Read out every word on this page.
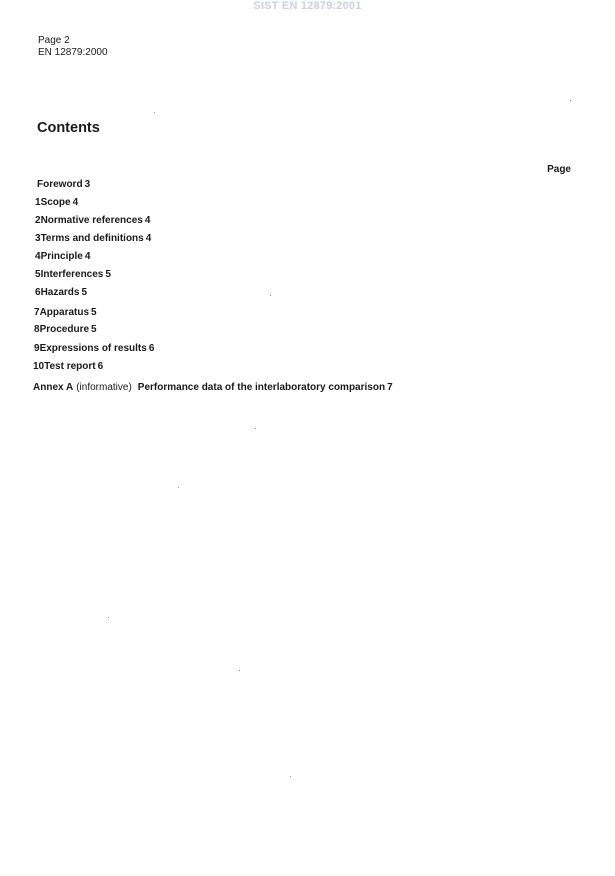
SIST EN 12879:2001
Page 2
EN 12879:2000
Contents
Page
Foreword 3
1 Scope 4
2 Normative references 4
3 Terms and definitions 4
4 Principle 4
5 Interferences 5
6 Hazards 5
7 Apparatus 5
8 Procedure 5
9 Expressions of results 6
10 Test report 6
Annex A (informative) Performance data of the interlaboratory comparison 7
